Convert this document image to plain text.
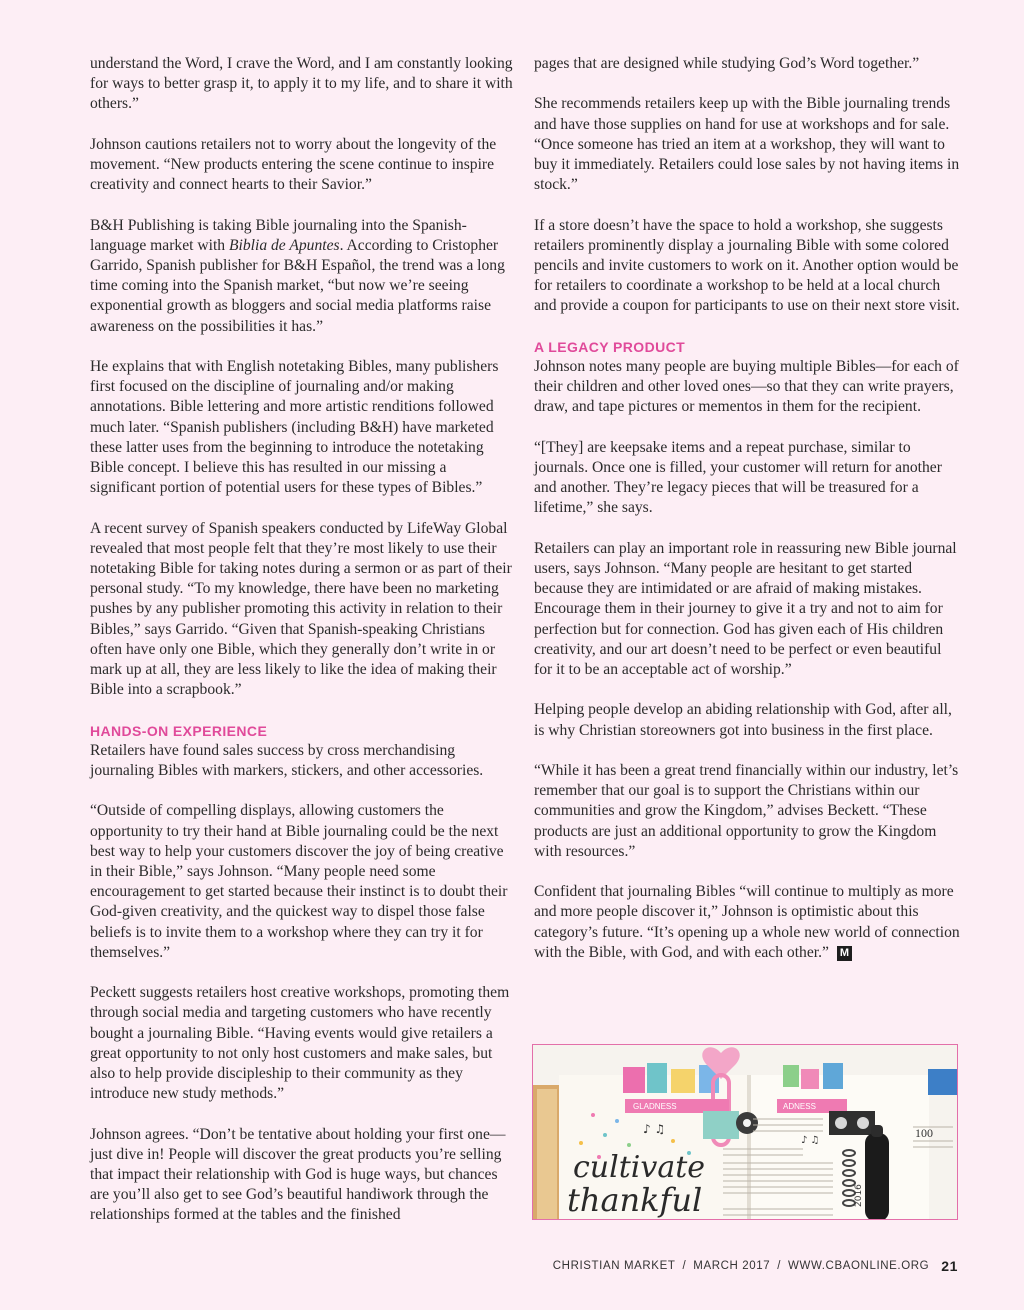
understand the Word, I crave the Word, and I am constantly looking for ways to better grasp it, to apply it to my life, and to share it with others.”

Johnson cautions retailers not to worry about the longevity of the movement. “New products entering the scene continue to inspire creativity and connect hearts to their Savior.”

B&H Publishing is taking Bible journaling into the Spanish-language market with Biblia de Apuntes. According to Cristopher Garrido, Spanish publisher for B&H Español, the trend was a long time coming into the Spanish market, “but now we’re seeing exponential growth as bloggers and social media platforms raise awareness on the possibilities it has.”

He explains that with English notetaking Bibles, many publishers first focused on the discipline of journaling and/or making annotations. Bible lettering and more artistic renditions followed much later. “Spanish publishers (including B&H) have marketed these latter uses from the beginning to introduce the notetaking Bible concept. I believe this has resulted in our missing a significant portion of potential users for these types of Bibles.”

A recent survey of Spanish speakers conducted by LifeWay Global revealed that most people felt that they’re most likely to use their notetaking Bible for taking notes during a sermon or as part of their personal study. “To my knowledge, there have been no marketing pushes by any publisher promoting this activity in relation to their Bibles,” says Garrido. “Given that Spanish-speaking Christians often have only one Bible, which they generally don’t write in or mark up at all, they are less likely to like the idea of making their Bible into a scrapbook.”

HANDS-ON EXPERIENCE

Retailers have found sales success by cross merchandising journaling Bibles with markers, stickers, and other accessories.

“Outside of compelling displays, allowing customers the opportunity to try their hand at Bible journaling could be the next best way to help your customers discover the joy of being creative in their Bible,” says Johnson. “Many people need some encouragement to get started because their instinct is to doubt their God-given creativity, and the quickest way to dispel those false beliefs is to invite them to a workshop where they can try it for themselves.”

Peckett suggests retailers host creative workshops, promoting them through social media and targeting customers who have recently bought a journaling Bible. “Having events would give retailers a great opportunity to not only host customers and make sales, but also to help provide discipleship to their community as they introduce new study methods.”

Johnson agrees. “Don’t be tentative about holding your first one—just dive in! People will discover the great products you’re selling that impact their relationship with God is huge ways, but chances are you’ll also get to see God’s beautiful handiwork through the relationships formed at the tables and the finished

pages that are designed while studying God’s Word together.”

She recommends retailers keep up with the Bible journaling trends and have those supplies on hand for use at workshops and for sale. “Once someone has tried an item at a workshop, they will want to buy it immediately. Retailers could lose sales by not having items in stock.”

If a store doesn’t have the space to hold a workshop, she suggests retailers prominently display a journaling Bible with some colored pencils and invite customers to work on it. Another option would be for retailers to coordinate a workshop to be held at a local church and provide a coupon for participants to use on their next store visit.

A LEGACY PRODUCT

Johnson notes many people are buying multiple Bibles—for each of their children and other loved ones—so that they can write prayers, draw, and tape pictures or mementos in them for the recipient.

“[They] are keepsake items and a repeat purchase, similar to journals. Once one is filled, your customer will return for another and another. They’re legacy pieces that will be treasured for a lifetime,” she says.

Retailers can play an important role in reassuring new Bible journal users, says Johnson. “Many people are hesitant to get started because they are intimidated or are afraid of making mistakes. Encourage them in their journey to give it a try and not to aim for perfection but for connection. God has given each of His children creativity, and our art doesn’t need to be perfect or even beautiful for it to be an acceptable act of worship.”

Helping people develop an abiding relationship with God, after all, is why Christian storeowners got into business in the first place.

“While it has been a great trend financially within our industry, let’s remember that our goal is to support the Christians within our communities and grow the Kingdom,” advises Beckett. “These products are just an additional opportunity to grow the Kingdom with resources.”

Confident that journaling Bibles “will continue to multiply as more and more people discover it,” Johnson is optimistic about this category’s future. “It’s opening up a whole new world of connection with the Bible, with God, and with each other.” M

GLADNESS	ADNESS
♪ ♫
♪ ♫
cultivate
thankful	2016
100
CHRISTIAN MARKET / MARCH 2017 / WWW.CBAONLINE.ORG 21
